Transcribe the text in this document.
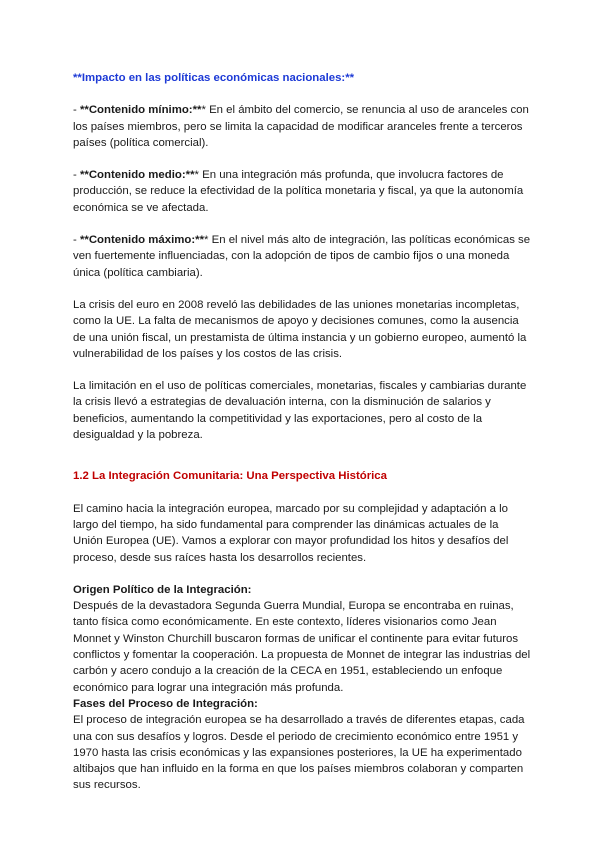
**Impacto en las políticas económicas nacionales:**

- **Contenido mínimo:*** En el ámbito del comercio, se renuncia al uso de aranceles con los países miembros, pero se limita la capacidad de modificar aranceles frente a terceros países (política comercial).

- **Contenido medio:*** En una integración más profunda, que involucra factores de producción, se reduce la efectividad de la política monetaria y fiscal, ya que la autonomía económica se ve afectada.

- **Contenido máximo:*** En el nivel más alto de integración, las políticas económicas se ven fuertemente influenciadas, con la adopción de tipos de cambio fijos o una moneda única (política cambiaria).

La crisis del euro en 2008 reveló las debilidades de las uniones monetarias incompletas, como la UE. La falta de mecanismos de apoyo y decisiones comunes, como la ausencia de una unión fiscal, un prestamista de última instancia y un gobierno europeo, aumentó la vulnerabilidad de los países y los costos de las crisis.

La limitación en el uso de políticas comerciales, monetarias, fiscales y cambiarias durante la crisis llevó a estrategias de devaluación interna, con la disminución de salarios y beneficios, aumentando la competitividad y las exportaciones, pero al costo de la desigualdad y la pobreza.

1.2 La Integración Comunitaria: Una Perspectiva Histórica

El camino hacia la integración europea, marcado por su complejidad y adaptación a lo largo del tiempo, ha sido fundamental para comprender las dinámicas actuales de la Unión Europea (UE). Vamos a explorar con mayor profundidad los hitos y desafíos del proceso, desde sus raíces hasta los desarrollos recientes.

Origen Político de la Integración:

Después de la devastadora Segunda Guerra Mundial, Europa se encontraba en ruinas, tanto física como económicamente. En este contexto, líderes visionarios como Jean Monnet y Winston Churchill buscaron formas de unificar el continente para evitar futuros conflictos y fomentar la cooperación. La propuesta de Monnet de integrar las industrias del carbón y acero condujo a la creación de la CECA en 1951, estableciendo un enfoque económico para lograr una integración más profunda.

Fases del Proceso de Integración:

El proceso de integración europea se ha desarrollado a través de diferentes etapas, cada una con sus desafíos y logros. Desde el periodo de crecimiento económico entre 1951 y 1970 hasta las crisis económicas y las expansiones posteriores, la UE ha experimentado altibajos que han influido en la forma en que los países miembros colaboran y comparten sus recursos.
